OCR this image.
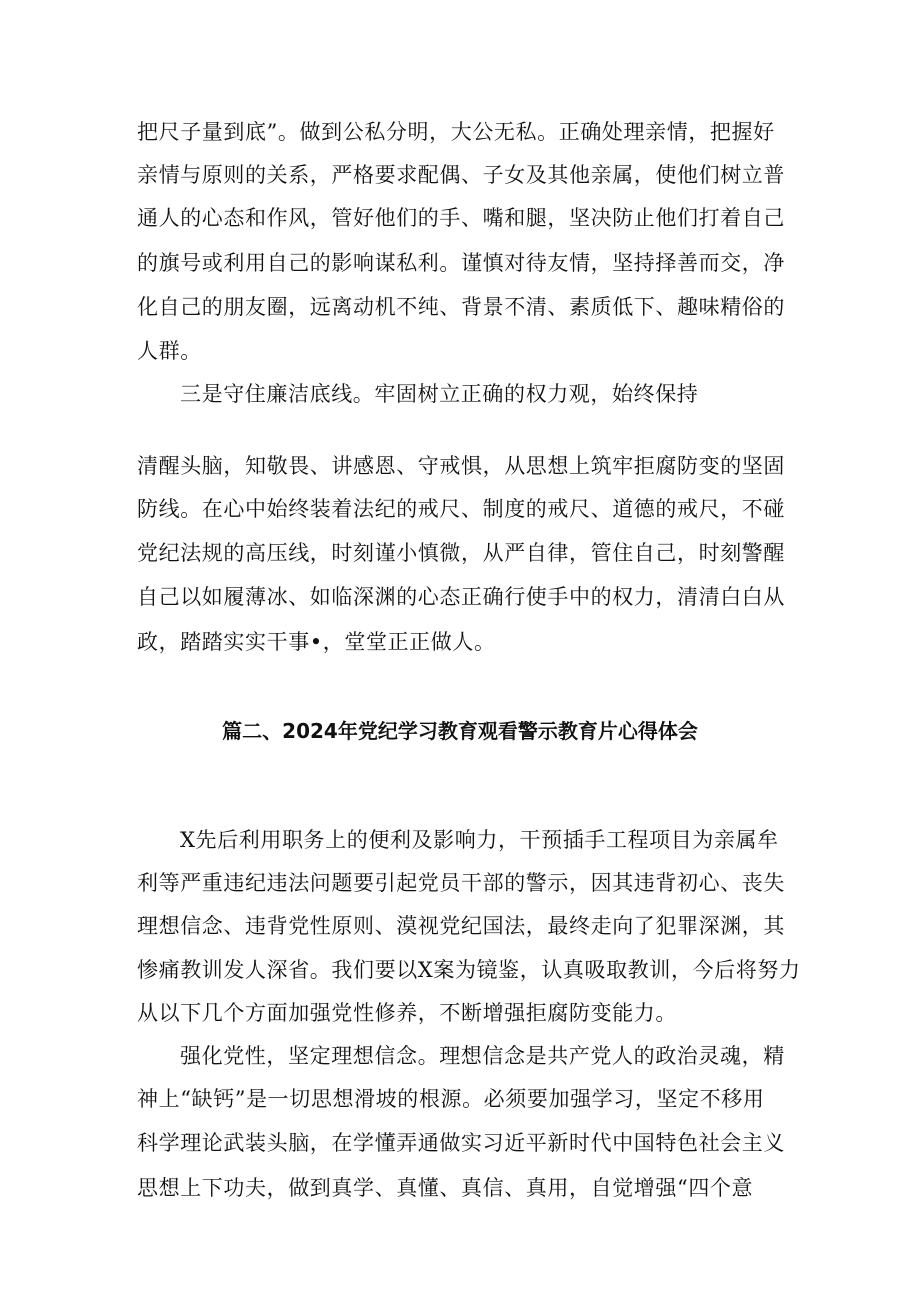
把尺子量到底”。做到公私分明，大公无私。正确处理亲情，把握好
亲情与原则的关系，严格要求配偶、子女及其他亲属，使他们树立普
通人的心态和作风，管好他们的手、嘴和腿，坚决防止他们打着自己
的旗号或利用自己的影响谋私利。谨慎对待友情，坚持择善而交，净
化自己的朋友圈，远离动机不纯、背景不清、素质低下、趣味精俗的
人群。
三是守住廉洁底线。牢固树立正确的权力观，始终保持
清醒头脑，知敬畏、讲感恩、守戒惧，从思想上筑牢拒腐防变的坚固
防线。在心中始终装着法纪的戒尺、制度的戒尺、道德的戒尺，不碰
党纪法规的高压线，时刻谨小慎微，从严自律，管住自己，时刻警醒
自己以如履薄冰、如临深渊的心态正确行使手中的权力，清清白白从
政，踏踏实实干事•，堂堂正正做人。
篇二、2024年党纪学习教育观看警示教育片心得体会
X先后利用职务上的便利及影响力，干预插手工程项目为亲属牟
利等严重违纪违法问题要引起党员干部的警示，因其违背初心、丧失
理想信念、违背党性原则、漠视党纪国法，最终走向了犯罪深渊，其
惨痛教训发人深省。我们要以X案为镜鉴，认真吸取教训，今后将努力
从以下几个方面加强党性修养，不断增强拒腐防变能力。
强化党性，坚定理想信念。理想信念是共产党人的政治灵魂，精
神上“缺钙”是一切思想滑坡的根源。必须要加强学习，坚定不移用
科学理论武装头脑，在学懂弄通做实习近平新时代中国特色社会主义
思想上下功夫，做到真学、真懂、真信、真用，自觉增强“四个意
